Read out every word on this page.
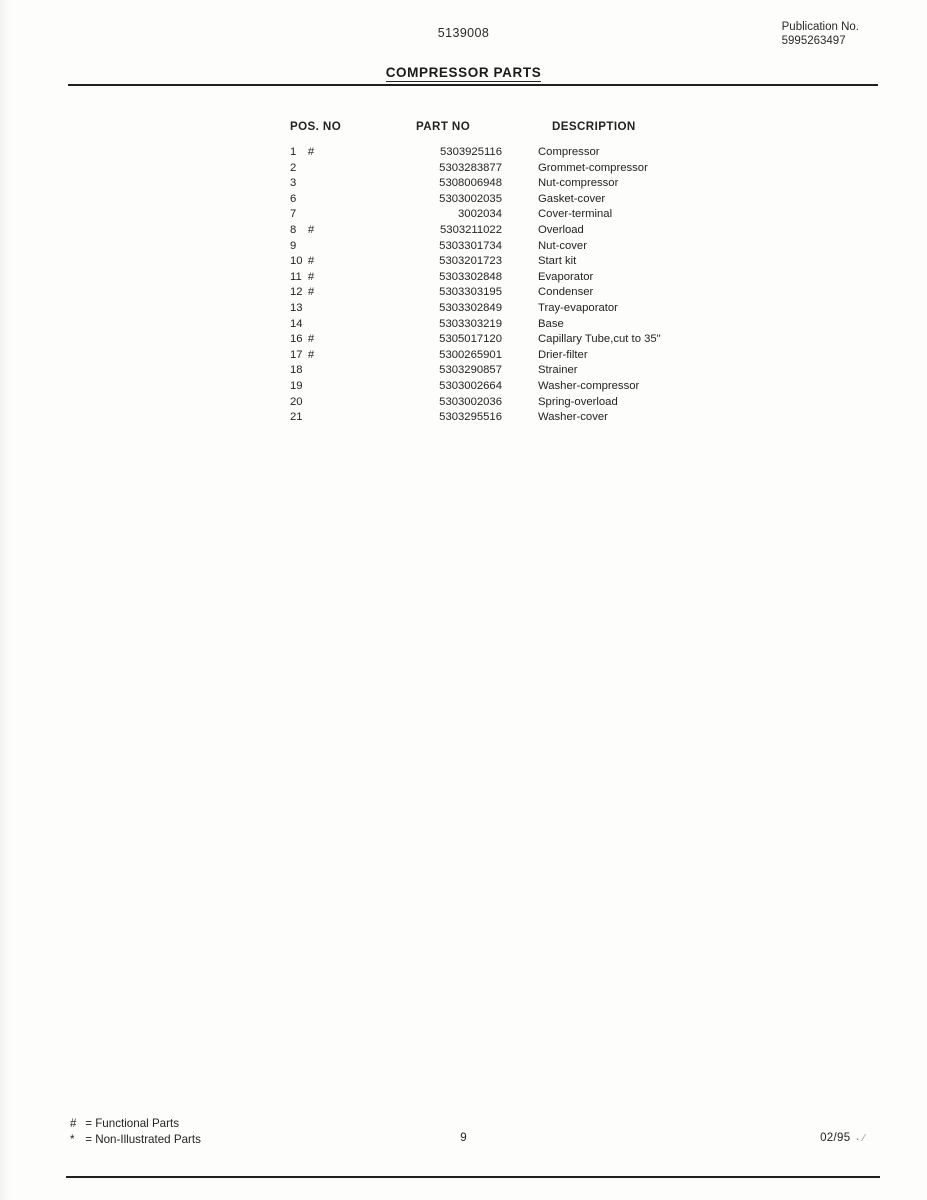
5139008	Publication No.
5995263497
COMPRESSOR PARTS
POS. NO	PART NO	DESCRIPTION
1 #	5303925116	Compressor
2	5303283877	Grommet-compressor
3	5308006948	Nut-compressor
6	5303002035	Gasket-cover
7	3002034	Cover-terminal
8 #	5303211022	Overload
9	5303301734	Nut-cover
10 #	5303201723	Start kit
11 #	5303302848	Evaporator
12 #	5303303195	Condenser
13	5303302849	Tray-evaporator
14	5303303219	Base
16 #	5305017120	Capillary Tube,cut to 35"
17 #	5300265901	Drier-filter
18	5303290857	Strainer
19	5303002664	Washer-compressor
20	5303002036	Spring-overload
21	5303295516	Washer-cover
# = Functional Parts
* = Non-Illustrated Parts	9	02/95 ⠄⁄
